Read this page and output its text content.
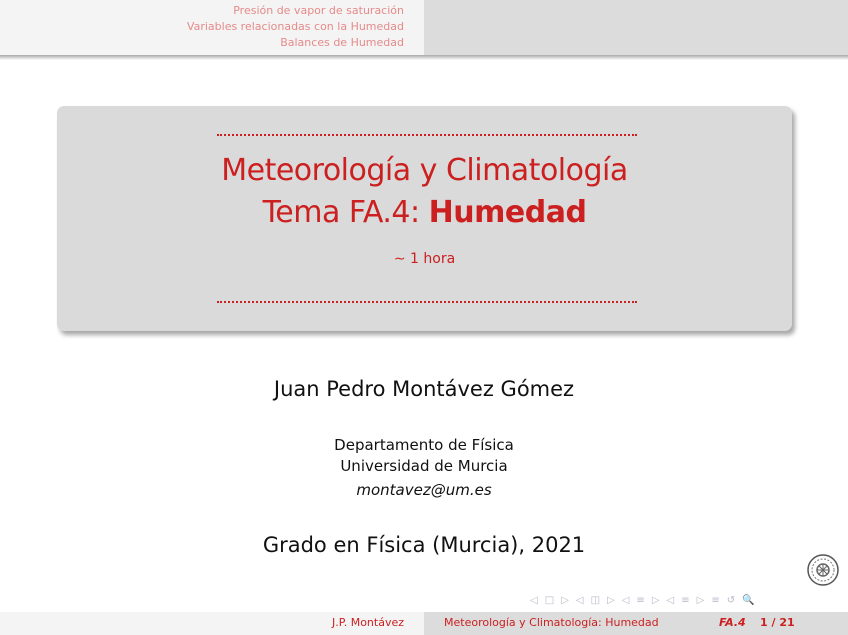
Presión de vapor de saturación
Variables relacionadas con la Humedad
Balances de Humedad
Meteorología y Climatología
Tema FA.4: Humedad
∼ 1 hora
Juan Pedro Montávez Gómez
Departamento de Física
Universidad de Murcia
montavez@um.es
Grado en Física (Murcia), 2021
◁ □ ▷ ◁ ◫ ▷ ◁ ≡ ▷ ◁ ≡ ▷ ≡ ↺ 🔍
J.P. Montávez	Meteorología y Climatología: Humedad	FA.4 1 / 21
